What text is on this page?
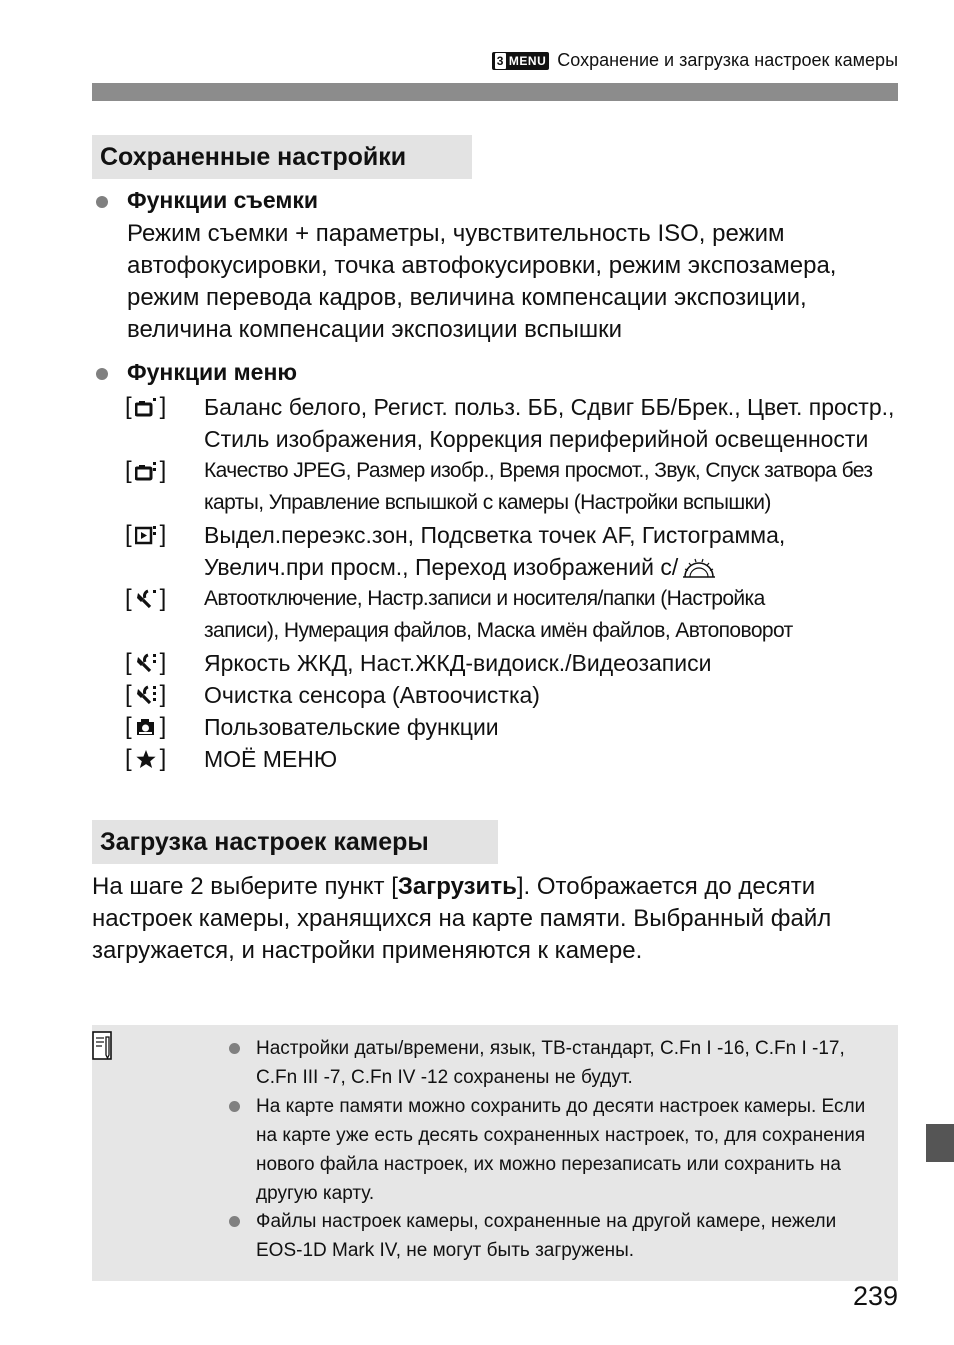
3 MENU Сохранение и загрузка настроек камеры
Сохраненные настройки
Функции съемки
Режим съемки + параметры, чувствительность ISO, режим
автофокусировки, точка автофокусировки, режим экспозамера,
режим перевода кадров, величина компенсации экспозиции,
величина компенсации экспозиции вспышки
Функции меню
[ ] Баланс белого, Регист. польз. ББ, Сдвиг ББ/Брек., Цвет. простр.,
Стиль изображения, Коррекция периферийной освещенности
[ ] Качество JPEG, Размер изобр., Время просмот., Звук, Спуск затвора без
карты, Управление вспышкой с камеры (Настройки вспышки)
[ ] Выдел.переэкс.зон, Подсветка точек AF, Гистограмма,
Увелич.при просм., Переход изображений с/
[ ] Автоотключение, Настр.записи и носителя/папки (Настройка
записи), Нумерация файлов, Маска имён файлов, Автоповорот
[ ] Яркость ЖКД, Наст.ЖКД-видоиск./Видеозаписи
[ ] Очистка сенсора (Автоочистка)
[ ] Пользовательские функции
[ ] МОЁ МЕНЮ
Загрузка настроек камеры
На шаге 2 выберите пункт [Загрузить]. Отображается до десяти
настроек камеры, хранящихся на карте памяти. Выбранный файл
загружается, и настройки применяются к камере.
Настройки даты/времени, язык, ТВ-стандарт, C.Fn I -16, C.Fn I -17,
C.Fn III -7, C.Fn IV -12 сохранены не будут.
На карте памяти можно сохранить до десяти настроек камеры. Если
на карте уже есть десять сохраненных настроек, то, для сохранения
нового файла настроек, их можно перезаписать или сохранить на
другую карту.
Файлы настроек камеры, сохраненные на другой камере, нежели
EOS-1D Mark IV, не могут быть загружены.
239
